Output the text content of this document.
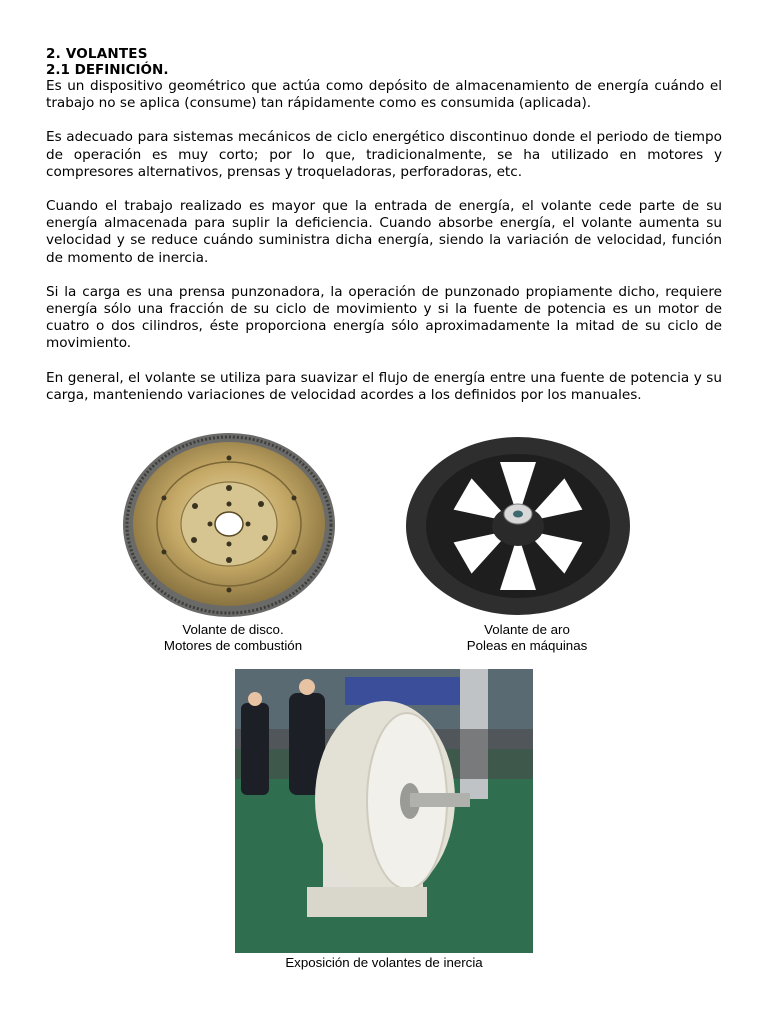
2. VOLANTES
2.1 DEFINICIÓN.

Es un dispositivo geométrico que actúa como depósito de almacenamiento de energía cuándo el trabajo no se aplica (consume) tan rápidamente como es consumida (aplicada).

Es adecuado para sistemas mecánicos de ciclo energético discontinuo donde el periodo de tiempo de operación es muy corto; por lo que, tradicionalmente, se ha utilizado en motores y compresores alternativos, prensas y troqueladoras, perforadoras, etc.

Cuando el trabajo realizado es mayor que la entrada de energía, el volante cede parte de su energía almacenada para suplir la deficiencia. Cuando absorbe energía, el volante aumenta su velocidad y se reduce cuándo suministra dicha energía, siendo la variación de velocidad, función de momento de inercia.

Si la carga es una prensa punzonadora, la operación de punzonado propiamente dicho, requiere energía sólo una fracción de su ciclo de movimiento y si la fuente de potencia es un motor de cuatro o dos cilindros, éste proporciona energía sólo aproximadamente la mitad de su ciclo de movimiento.

En general, el volante se utiliza para suavizar el flujo de energía entre una fuente de potencia y su carga, manteniendo variaciones de velocidad acordes a los definidos por los manuales.

Volante de disco.
Motores de combustión
Volante de aro
Poleas en máquinas
Exposición de volantes de inercia
